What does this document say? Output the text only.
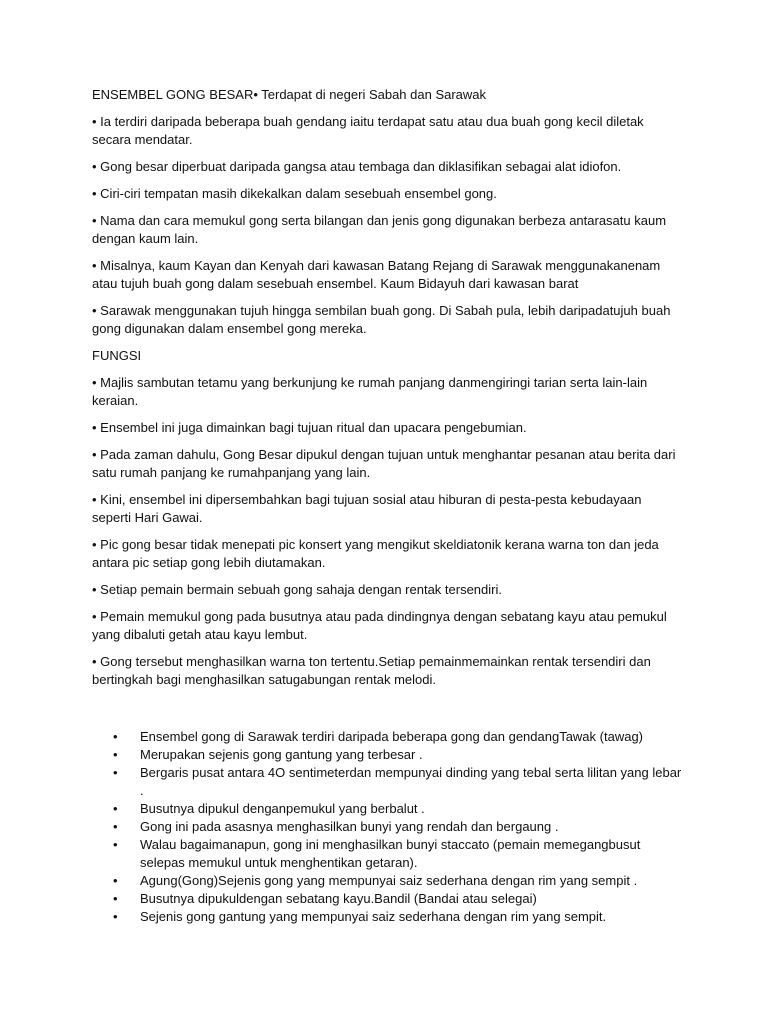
ENSEMBEL GONG BESAR• Terdapat di negeri Sabah dan Sarawak
• Ia terdiri daripada beberapa buah gendang iaitu terdapat satu atau dua buah gong kecil diletak secara mendatar.
• Gong besar diperbuat daripada gangsa atau tembaga dan diklasifikan sebagai alat idiofon.
• Ciri-ciri tempatan masih dikekalkan dalam sesebuah ensembel gong.
• Nama dan cara memukul gong serta bilangan dan jenis gong digunakan berbeza antarasatu kaum dengan kaum lain.
• Misalnya, kaum Kayan dan Kenyah dari kawasan Batang Rejang di Sarawak menggunakanenam atau tujuh buah gong dalam sesebuah ensembel. Kaum Bidayuh dari kawasan barat
• Sarawak menggunakan tujuh hingga sembilan buah gong. Di Sabah pula, lebih daripadatujuh buah gong digunakan dalam ensembel gong mereka.
FUNGSI
• Majlis sambutan tetamu yang berkunjung ke rumah panjang danmengiringi tarian serta lain-lain keraian.
• Ensembel ini juga dimainkan bagi tujuan ritual dan upacara pengebumian.
• Pada zaman dahulu, Gong Besar dipukul dengan tujuan untuk menghantar pesanan atau berita dari satu rumah panjang ke rumahpanjang yang lain.
• Kini, ensembel ini dipersembahkan bagi tujuan sosial atau hiburan di pesta-pesta kebudayaan seperti Hari Gawai.
• Pic gong besar tidak menepati pic konsert yang mengikut skeldiatonik kerana warna ton dan jeda antara pic setiap gong lebih diutamakan.
• Setiap pemain bermain sebuah gong sahaja dengan rentak tersendiri.
• Pemain memukul gong pada busutnya atau pada dindingnya dengan sebatang kayu atau pemukul yang dibaluti getah atau kayu lembut.
• Gong tersebut menghasilkan warna ton tertentu.Setiap pemainmemainkan rentak tersendiri dan bertingkah bagi menghasilkan satugabungan rentak melodi.
• Ensembel gong di Sarawak terdiri daripada beberapa gong dan gendangTawak (tawag)
• Merupakan sejenis gong gantung yang terbesar .
• Bergaris pusat antara 4O sentimeterdan mempunyai dinding yang tebal serta lilitan yang lebar .
• Busutnya dipukul denganpemukul yang berbalut .
• Gong ini pada asasnya menghasilkan bunyi yang rendah dan bergaung .
• Walau bagaimanapun, gong ini menghasilkan bunyi staccato (pemain memegangbusut selepas memukul untuk menghentikan getaran).
• Agung(Gong)Sejenis gong yang mempunyai saiz sederhana dengan rim yang sempit .
• Busutnya dipukuldengan sebatang kayu.Bandil (Bandai atau selegai)
• Sejenis gong gantung yang mempunyai saiz sederhana dengan rim yang sempit.
